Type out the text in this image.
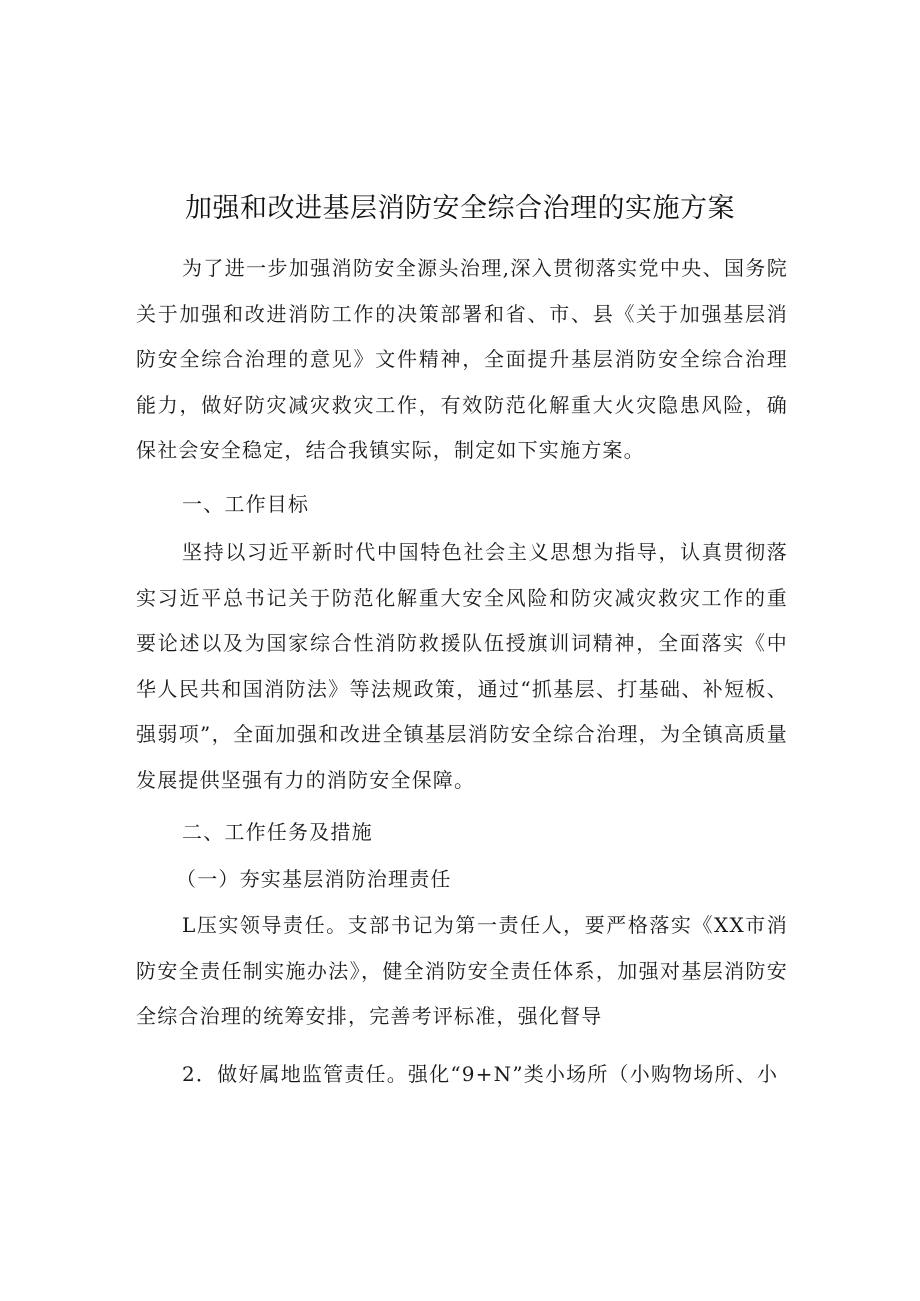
加强和改进基层消防安全综合治理的实施方案

为了进一步加强消防安全源头治理,深入贯彻落实党中央、国务院关于加强和改进消防工作的决策部署和省、市、县《关于加强基层消防安全综合治理的意见》文件精神，全面提升基层消防安全综合治理能力，做好防灾减灾救灾工作，有效防范化解重大火灾隐患风险，确保社会安全稳定，结合我镇实际，制定如下实施方案。

一、工作目标

坚持以习近平新时代中国特色社会主义思想为指导，认真贯彻落实习近平总书记关于防范化解重大安全风险和防灾减灾救灾工作的重要论述以及为国家综合性消防救援队伍授旗训词精神，全面落实《中华人民共和国消防法》等法规政策，通过“抓基层、打基础、补短板、强弱项”，全面加强和改进全镇基层消防安全综合治理，为全镇高质量发展提供坚强有力的消防安全保障。

二、工作任务及措施

（一）夯实基层消防治理责任

L压实领导责任。支部书记为第一责任人，要严格落实《XX市消防安全责任制实施办法》，健全消防安全责任体系，加强对基层消防安全综合治理的统筹安排，完善考评标准，强化督导

2．做好属地监管责任。强化“9+N”类小场所（小购物场所、小
